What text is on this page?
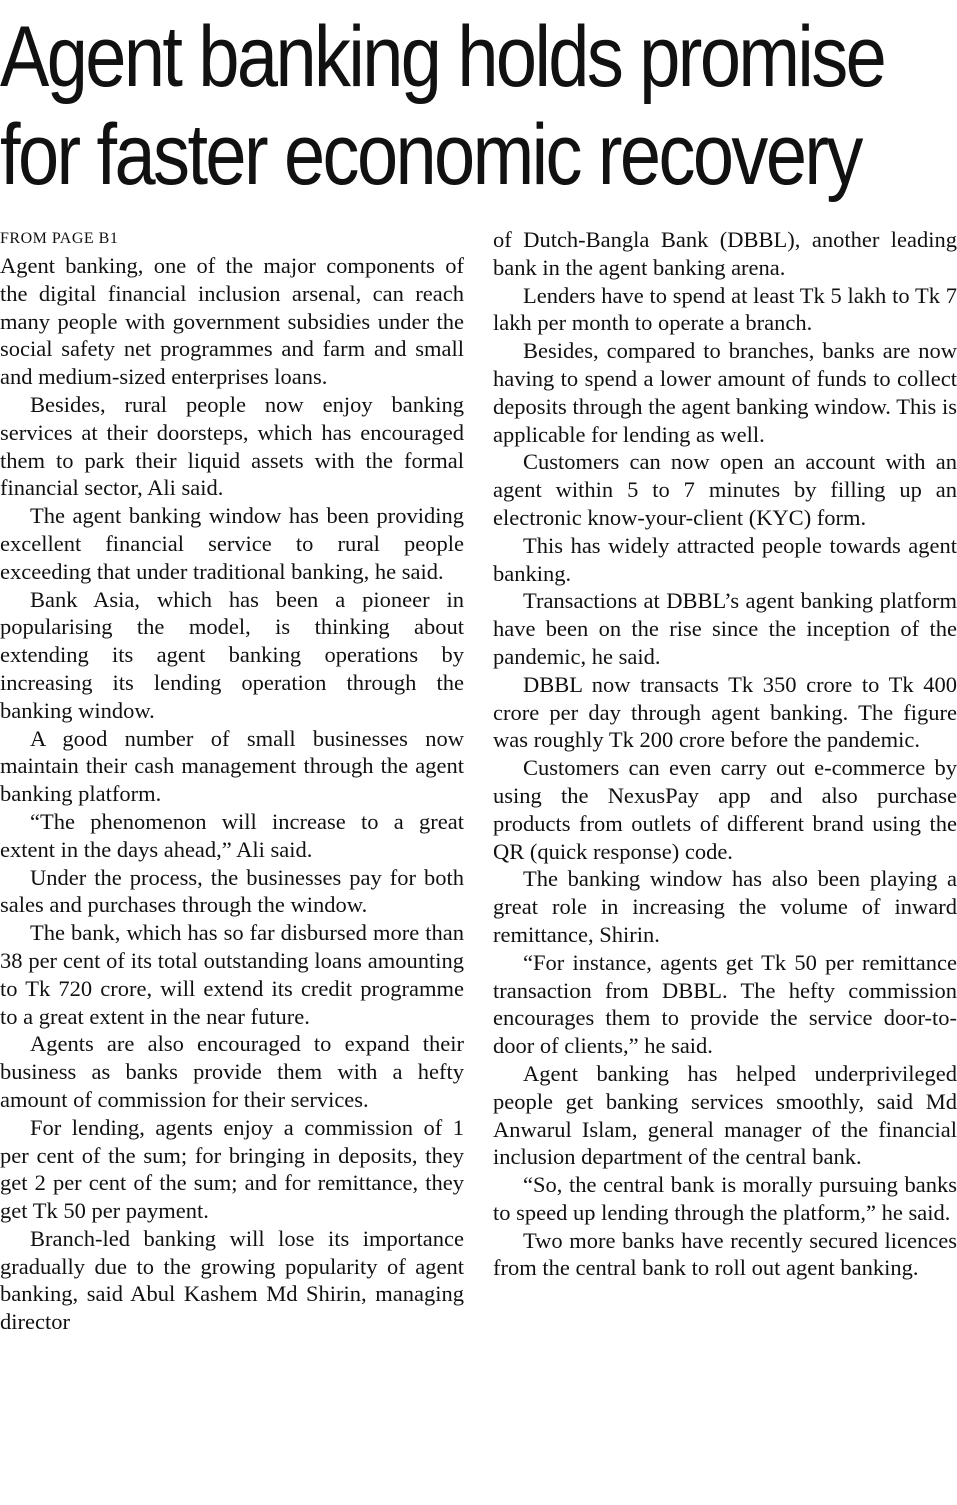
Agent banking holds promise
for faster economic recovery
FROM PAGE B1

Agent banking, one of the major components of the digital financial inclusion arsenal, can reach many people with government subsidies under the social safety net programmes and farm and small and medium-sized enterprises loans.

Besides, rural people now enjoy banking services at their doorsteps, which has encouraged them to park their liquid assets with the formal financial sector, Ali said.

The agent banking window has been providing excellent financial service to rural people exceeding that under traditional banking, he said.

Bank Asia, which has been a pioneer in popularising the model, is thinking about extending its agent banking operations by increasing its lending operation through the banking window.

A good number of small businesses now maintain their cash management through the agent banking platform.

“The phenomenon will increase to a great extent in the days ahead,” Ali said.

Under the process, the businesses pay for both sales and purchases through the window.

The bank, which has so far disbursed more than 38 per cent of its total outstanding loans amounting to Tk 720 crore, will extend its credit programme to a great extent in the near future.

Agents are also encouraged to expand their business as banks provide them with a hefty amount of commission for their services.

For lending, agents enjoy a commission of 1 per cent of the sum; for bringing in deposits, they get 2 per cent of the sum; and for remittance, they get Tk 50 per payment.

Branch-led banking will lose its importance gradually due to the growing popularity of agent banking, said Abul Kashem Md Shirin, managing director

of Dutch-Bangla Bank (DBBL), another leading bank in the agent banking arena.

Lenders have to spend at least Tk 5 lakh to Tk 7 lakh per month to operate a branch.

Besides, compared to branches, banks are now having to spend a lower amount of funds to collect deposits through the agent banking window. This is applicable for lending as well.

Customers can now open an account with an agent within 5 to 7 minutes by filling up an electronic know-your-client (KYC) form.

This has widely attracted people towards agent banking.

Transactions at DBBL’s agent banking platform have been on the rise since the inception of the pandemic, he said.

DBBL now transacts Tk 350 crore to Tk 400 crore per day through agent banking. The figure was roughly Tk 200 crore before the pandemic.

Customers can even carry out e-commerce by using the NexusPay app and also purchase products from outlets of different brand using the QR (quick response) code.

The banking window has also been playing a great role in increasing the volume of inward remittance, Shirin.

“For instance, agents get Tk 50 per remittance transaction from DBBL. The hefty commission encourages them to provide the service door-to-door of clients,” he said.

Agent banking has helped underprivileged people get banking services smoothly, said Md Anwarul Islam, general manager of the financial inclusion department of the central bank.

“So, the central bank is morally pursuing banks to speed up lending through the platform,” he said.

Two more banks have recently secured licences from the central bank to roll out agent banking.
